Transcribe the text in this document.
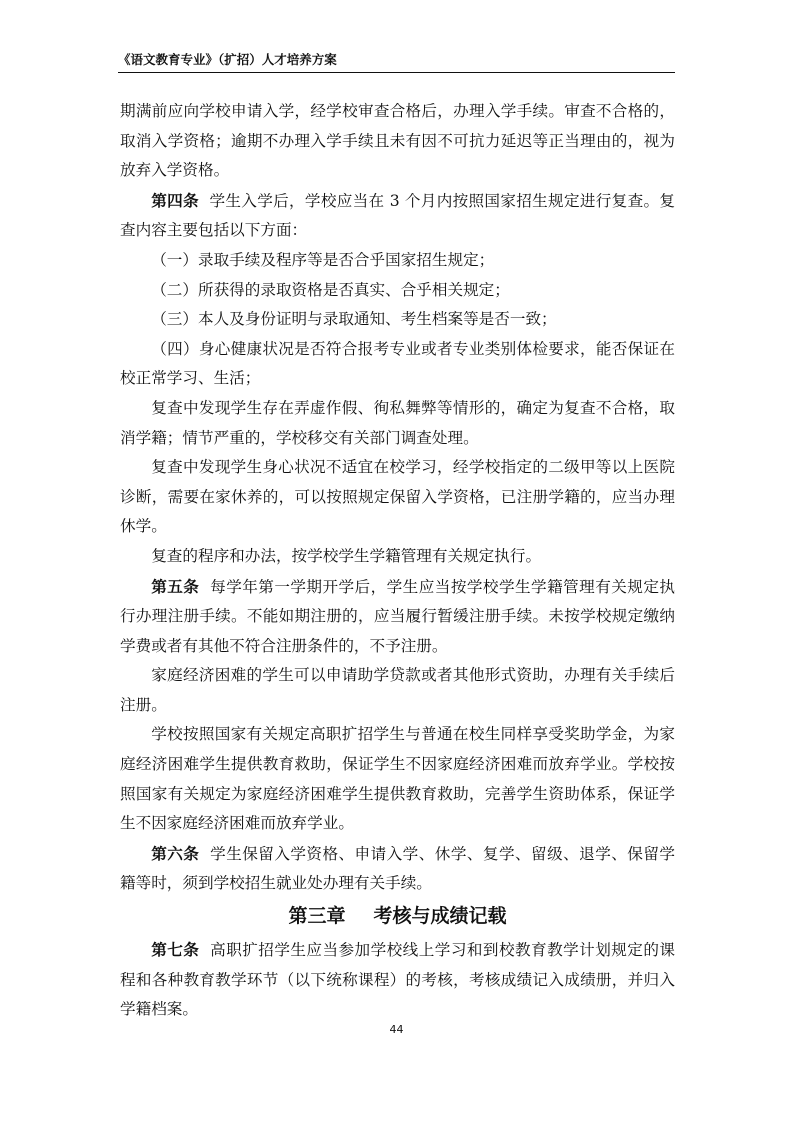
《语文教育专业》（扩招）人才培养方案

期满前应向学校申请入学，经学校审查合格后，办理入学手续。审查不合格的，取消入学资格；逾期不办理入学手续且未有因不可抗力延迟等正当理由的，视为放弃入学资格。

第四条 学生入学后，学校应当在 3 个月内按照国家招生规定进行复查。复查内容主要包括以下方面：

（一）录取手续及程序等是否合乎国家招生规定；

（二）所获得的录取资格是否真实、合乎相关规定；

（三）本人及身份证明与录取通知、考生档案等是否一致；

（四）身心健康状况是否符合报考专业或者专业类别体检要求，能否保证在校正常学习、生活；

复查中发现学生存在弄虚作假、徇私舞弊等情形的，确定为复查不合格，取消学籍；情节严重的，学校移交有关部门调查处理。

复查中发现学生身心状况不适宜在校学习，经学校指定的二级甲等以上医院诊断，需要在家休养的，可以按照规定保留入学资格，已注册学籍的，应当办理休学。

复查的程序和办法，按学校学生学籍管理有关规定执行。

第五条 每学年第一学期开学后，学生应当按学校学生学籍管理有关规定执行办理注册手续。不能如期注册的，应当履行暂缓注册手续。未按学校规定缴纳学费或者有其他不符合注册条件的，不予注册。

家庭经济困难的学生可以申请助学贷款或者其他形式资助，办理有关手续后注册。

学校按照国家有关规定高职扩招学生与普通在校生同样享受奖助学金，为家庭经济困难学生提供教育救助，保证学生不因家庭经济困难而放弃学业。学校按照国家有关规定为家庭经济困难学生提供教育救助，完善学生资助体系，保证学生不因家庭经济困难而放弃学业。

第六条 学生保留入学资格、申请入学、休学、复学、留级、退学、保留学籍等时，须到学校招生就业处办理有关手续。

第三章 考核与成绩记载

第七条 高职扩招学生应当参加学校线上学习和到校教育教学计划规定的课程和各种教育教学环节（以下统称课程）的考核，考核成绩记入成绩册，并归入学籍档案。

44
